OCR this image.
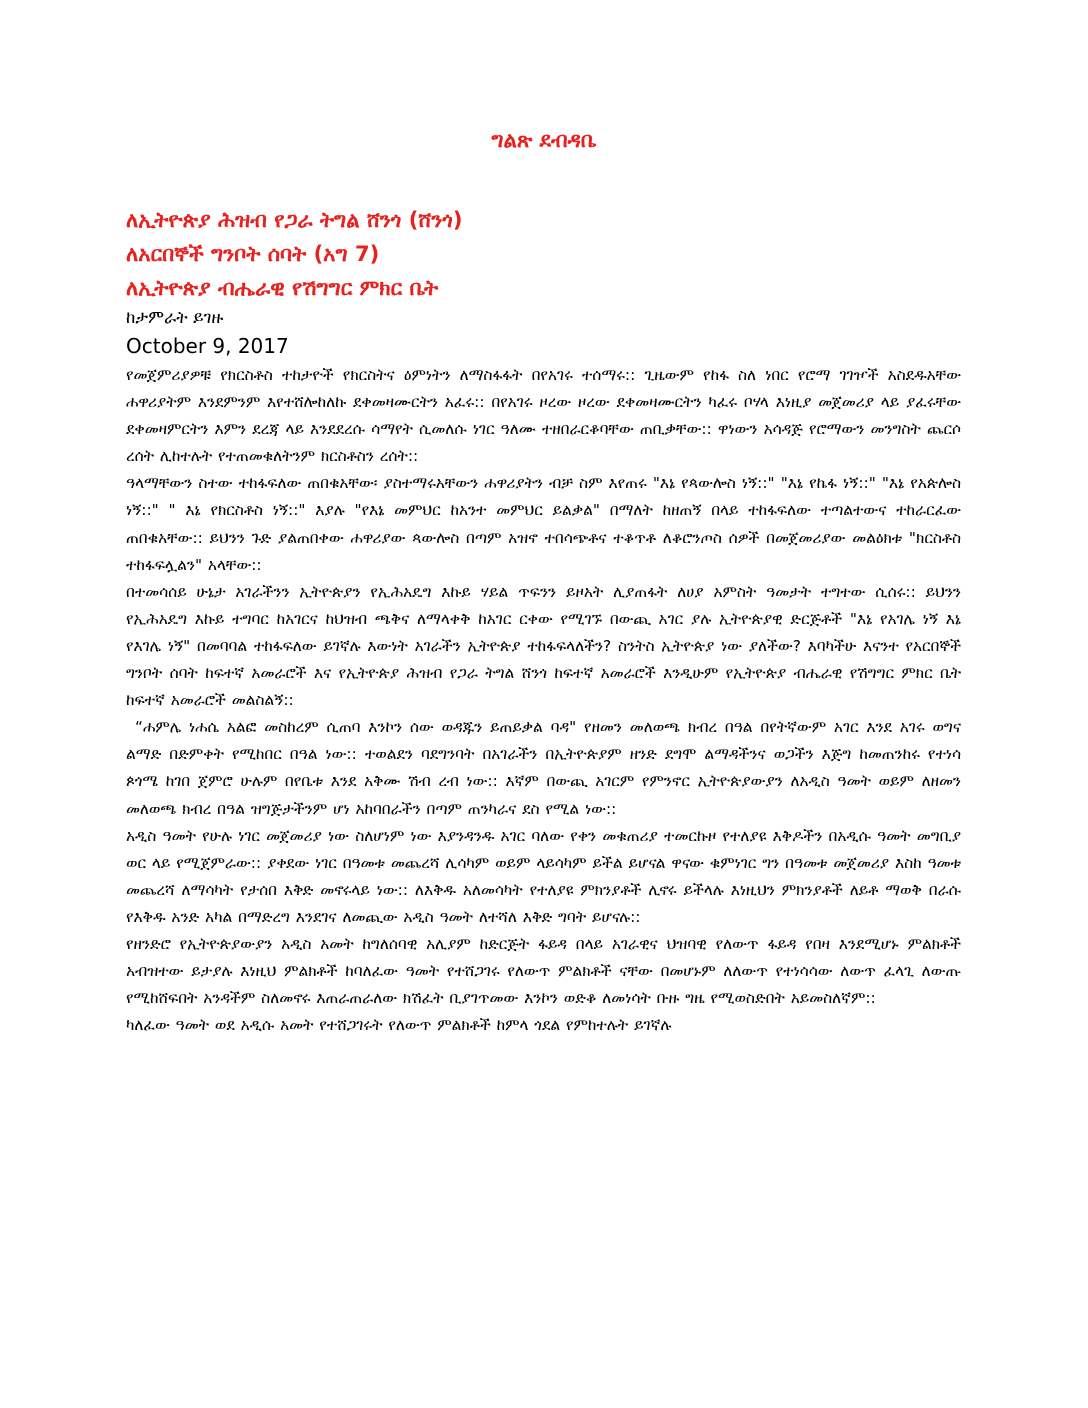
ግልጽ ደብዳቤ
ለኢትዮጵያ ሕዝብ የጋራ ትግል ሸንጎ (ሸንጎ)
ለአርበኞች ግንቦት ሰባት (አግ 7)
ለኢትዮጵያ ብሔራዊ የሽግግር ምክር ቤት

ከታምራት ይገዙ

October 9, 2017

የመጀምሪያዎቹ የክርስቶስ ተከታዮች የክርስትና ዕምነትን ለማስፋፋት በየአገሩ ተሰማሩ:: ጊዜውም የከፋ ስለ ነበር የሮማ ገገዦች አስደዱአቸው ሐዋሪያትም እንደምንም እየተሸሎከለኩ ደቀመዛሙርትን አፈሩ:: በየአገሩ ዞረው ዞረው ደቀመዛሙርትን ካፈሩ ቦሃላ እነዚያ መጀመሪያ ላይ ያፈሩቸው ደቀመዛምርትን እምን ደረጃ ላይ እንደደረሱ ሳማየት ሲመለሱ ነገር ዓለሙ ተዘበራርቆባቸው ጠቢቃቸው:: ዋነውን አሳዳጅ የሮማውን መንግስት ጨርሶ ረሰት ሊከተሉት የተጠመቁለትንም ክርስቶስን ረሰት::

ዓላማቸውን ስተው ተከፋፍለው ጠበቁአቸው፡ ያስተማሩአቸውን ሐዋሪያትን ብቻ ስም እየጠሩ "እኔ የጳውሎስ ነኝ::" "እኔ የኬፋ ነኝ::" "እኔ የአጵሎስ ነኝ::" " እኔ የክርስቶስ ነኝ::" እያሉ "የእኔ መምህር ከአንተ መምህር ይልቃል" በማለት ከዘጠኝ በላይ ተከፋፍለው ተጣልተውና ተከራርፈው ጠበቁአቸው:: ይህንን ጉድ ያልጠበቀው ሐዋሪያው ጳውሎስ በጣም አዝኖ ተበሳጭቶና ተቆጥቶ ለቆሮንጦስ ሰዎች በመጀመሪያው መልዕክቱ "ክርስቶስ ተከፋፍሏልን" አላቸው::

በተመሳሰይ ሁኔታ አገራችንን ኢትዮጵያን የኢሕአዴግ እኩይ ሃይል ጥፍንን ይዞአት ሊያጠፋት ለሀያ አምስት ዓመታት ተግተው ሲሰሩ:: ይህንን የኢሕአዴግ እኩይ ተግባር ከአገርና ከህዝብ ጫቅና ለማላቀቅ ከአገር ርቀው የሚገኙ በውጪ አገር ያሉ ኢትዮጵያዊ ድርጅቶች "እኔ የአገሌ ነኝ እኔ የእገሌ ነኝ" በመባባል ተከፋፍለው ይገኛሉ እውነት አገራችን ኢትዮጵያ ተከፋፍላለችን? ስንትስ ኢትዮጵያ ነው ያለችው? እባካችሁ እናንተ የአርበኞች ግንቦት ሰባት ከፍተኛ አመራሮች እና የኢትዮጵያ ሕዝብ የጋራ ትግል ሸንጎ ከፍተኛ አመራሮች እንዲሁም የኢትዮጵያ ብሔራዊ የሽግግር ምክር ቤት ከፍተኛ አመራሮች መልስልኝ::

“ሐምሌ ነሐሴ አልፎ መስከረም ሲጠባ እንኮን ሰው ወዳጁን ይጠይቃል ባዳ" የዘመን መለወጫ ክብረ በዓል በየትኛውም አገር እንደ አገሩ ወግና ልማድ በድምቀት የሚከበር በዓል ነው:: ተወልደን ባደግንባት በአገራችን በኢትዮጵያም ዘንድ ደግሞ ልማዳችንና ወጋችን እጅግ ከመጠንከሩ የተነሳ ጶጎሜ ከገበ ጀምሮ ሁሉም በየቤቱ እንደ አቅሙ ሽብ ረብ ነው:: እኛም በውጪ አገርም የምንኖር ኢትዮጵያውያን ለአዲስ ዓመት ወይም ለዘመን መለወጫ ክብረ በዓል ዝግጅታችንም ሆነ አከባበራችን በጣም ጠንካራና ደስ የሚል ነው::

አዲስ ዓመት የሁሉ ነገር መጀመሪያ ነው ስለሆነም ነው እያንዳንዱ አገር ባለው የቀን መቁጠሪያ ተመርኩዞ የተለያዩ እቅዶችን በአዲሱ ዓመት መግቢያ ወር ላይ የሚጀምራው:: ያቀደው ነገር በዓመቱ መጨረሻ ሊሳካም ወይም ላይሳካም ይችል ይሆናል ዋናው ቁምነገር ግን በዓመቱ መጀመሪያ እስከ ዓመቱ መጨረሻ ለማሳካት የታሰበ እቅድ መኖሩላይ ነው:: ለእቅዱ አለመሳካት የተለያዩ ምክንያቶች ሊኖሩ ይችላሉ እነዚህን ምክንያቶች ለይቶ ማወቅ በራሱ የእቅዱ አንድ አካል በማድረግ እንደገና ለመጪው አዲስ ዓመት ለተሻለ እቅድ ግባት ይሆናሉ::

የዘንድሮ የኢትዮጵያውያን አዲስ አመት ከግለሰባዊ አሊያም ከድርጅት ፋይዳ በላይ አገራዊና ህዝባዊ የለውጥ ፋይዳ የበዛ እንደሚሆኑ ምልክቶች አብዝተው ይታያሉ እነዚህ ምልክቶች ከባለፈው ዓመት የተሸጋገሩ የለውጥ ምልክቶች ናቸው በመሆኑም ለለውጥ የተነሳሳው ለውጥ ፈላጊ ለውጡ የሚከሸፍበት አንዳችም ስለመኖሩ እጠራጠራለው ክሽፈት ቢያገጥመው እንኮን ወድቆ ለመነሳት ቡዙ ግዜ የሚወስድበት አይመስለኛም::

ካለፈው ዓመት ወደ አዲሱ አመት የተሸጋገሩት የለውጥ ምልክቶች ከምላ ጎደል የምከተሉት ይገኛሉ
